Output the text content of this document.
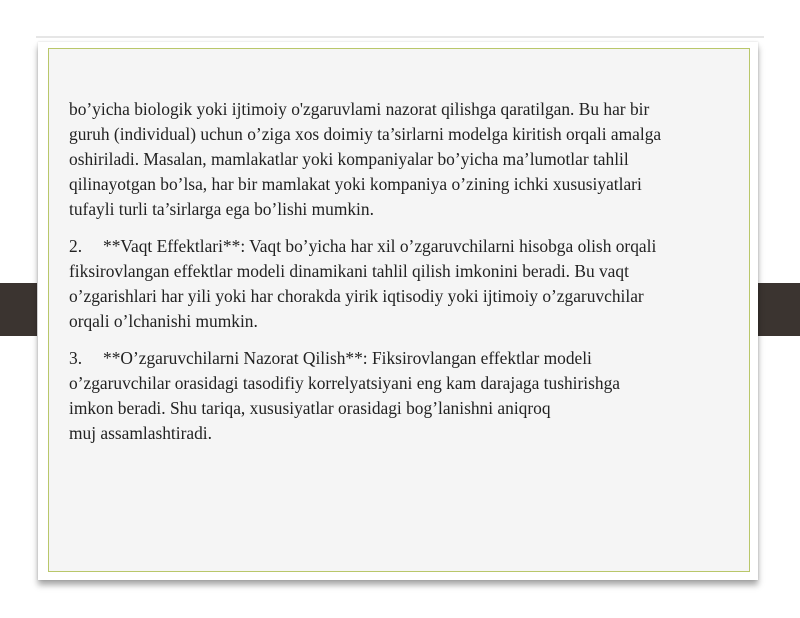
bo’yicha biologik yoki ijtimoiy o'zgaruvlami nazorat qilishga qaratilgan. Bu har bir
guruh (individual) uchun o’ziga xos doimiy ta’sirlarni modelga kiritish orqali amalga
oshiriladi. Masalan, mamlakatlar yoki kompaniyalar bo’yicha ma’lumotlar tahlil
qilinayotgan bo’lsa, har bir mamlakat yoki kompaniya o’zining ichki xususiyatlari
tufayli turli ta’sirlarga ega bo’lishi mumkin.
2. **Vaqt Effektlari**: Vaqt bo’yicha har xil o’zgaruvchilarni hisobga olish orqali
fiksirovlangan effektlar modeli dinamikani tahlil qilish imkonini beradi. Bu vaqt
o’zgarishlari har yili yoki har chorakda yirik iqtisodiy yoki ijtimoiy o’zgaruvchilar
orqali o’lchanishi mumkin.
3. **O’zgaruvchilarni Nazorat Qilish**: Fiksirovlangan effektlar modeli
o’zgaruvchilar orasidagi tasodifiy korrelyatsiyani eng kam darajaga tushirishga
imkon beradi. Shu tariqa, xususiyatlar orasidagi bog’lanishni aniqroq
muj assamlashtiradi.
